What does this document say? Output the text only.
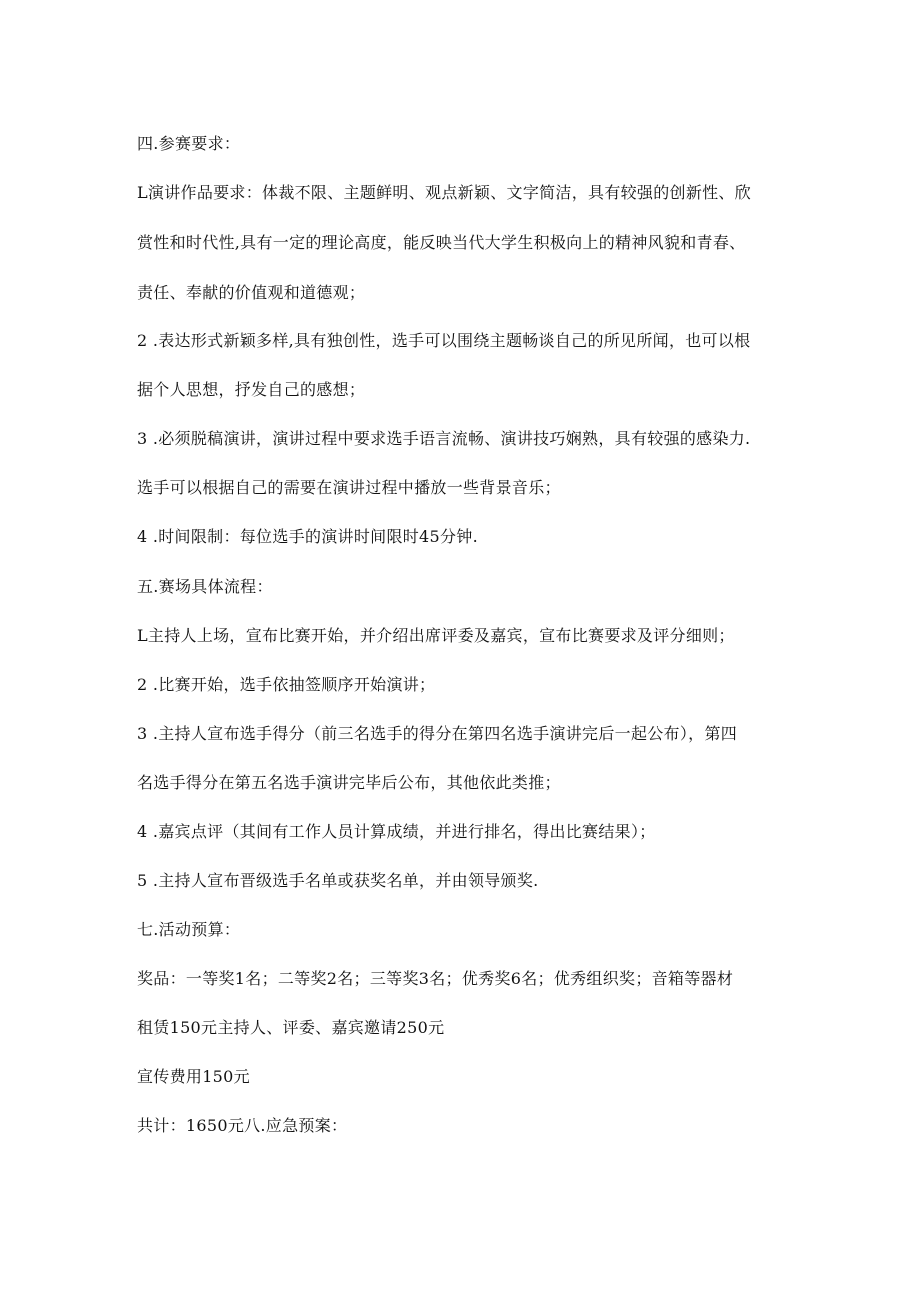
四.参赛要求：
L演讲作品要求：体裁不限、主题鲜明、观点新颖、文字简洁，具有较强的创新性、欣
赏性和时代性,具有一定的理论高度，能反映当代大学生积极向上的精神风貌和青春、
责任、奉献的价值观和道德观；
2 .表达形式新颖多样,具有独创性，选手可以围绕主题畅谈自己的所见所闻，也可以根
据个人思想，抒发自己的感想；
3 .必须脱稿演讲，演讲过程中要求选手语言流畅、演讲技巧娴熟，具有较强的感染力.
选手可以根据自己的需要在演讲过程中播放一些背景音乐；
4 .时间限制：每位选手的演讲时间限时45分钟.
五.赛场具体流程：
L主持人上场，宣布比赛开始，并介绍出席评委及嘉宾，宣布比赛要求及评分细则；
2 .比赛开始，选手依抽签顺序开始演讲；
3 .主持人宣布选手得分（前三名选手的得分在第四名选手演讲完后一起公布），第四
名选手得分在第五名选手演讲完毕后公布，其他依此类推；
4 .嘉宾点评（其间有工作人员计算成绩，并进行排名，得出比赛结果）；
5 .主持人宣布晋级选手名单或获奖名单，并由领导颁奖.
七.活动预算：
奖品：一等奖1名；二等奖2名；三等奖3名；优秀奖6名；优秀组织奖；音箱等器材
租赁150元主持人、评委、嘉宾邀请250元
宣传费用150元
共计：1650元八.应急预案：
